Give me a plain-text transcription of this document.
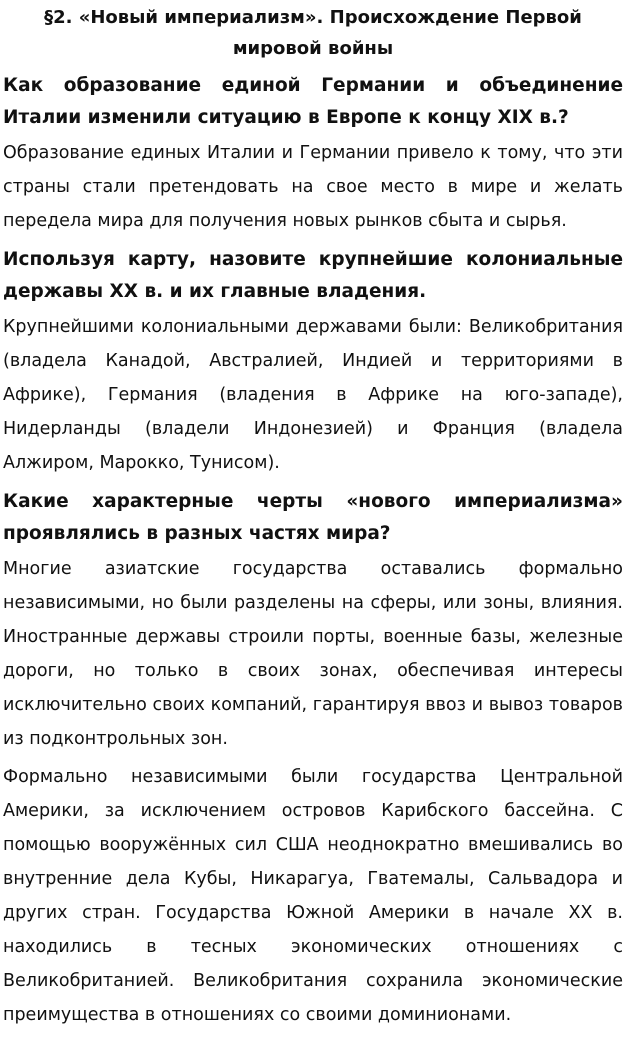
§2. «Новый империализм». Происхождение Первой мировой войны

Как образование единой Германии и объединение Италии изменили ситуацию в Европе к концу XIX в.?

Образование единых Италии и Германии привело к тому, что эти страны стали претендовать на свое место в мире и желать передела мира для получения новых рынков сбыта и сырья.

Используя карту, назовите крупнейшие колониальные державы XX в. и их главные владения.

Крупнейшими колониальными державами были: Великобритания (владела Канадой, Австралией, Индией и территориями в Африке), Германия (владения в Африке на юго-западе), Нидерланды (владели Индонезией) и Франция (владела Алжиром, Марокко, Тунисом).

Какие характерные черты «нового империализма» проявлялись в разных частях мира?

Многие азиатские государства оставались формально независимыми, но были разделены на сферы, или зоны, влияния. Иностранные державы строили порты, военные базы, железные дороги, но только в своих зонах, обеспечивая интересы исключительно своих компаний, гарантируя ввоз и вывоз товаров из подконтрольных зон.

Формально независимыми были государства Центральной Америки, за исключением островов Карибского бассейна. С помощью вооружённых сил США неоднократно вмешивались во внутренние дела Кубы, Никарагуа, Гватемалы, Сальвадора и других стран. Государства Южной Америки в начале XX в. находились в тесных экономических отношениях с Великобританией. Великобритания сохранила экономические преимущества в отношениях со своими доминионами.
